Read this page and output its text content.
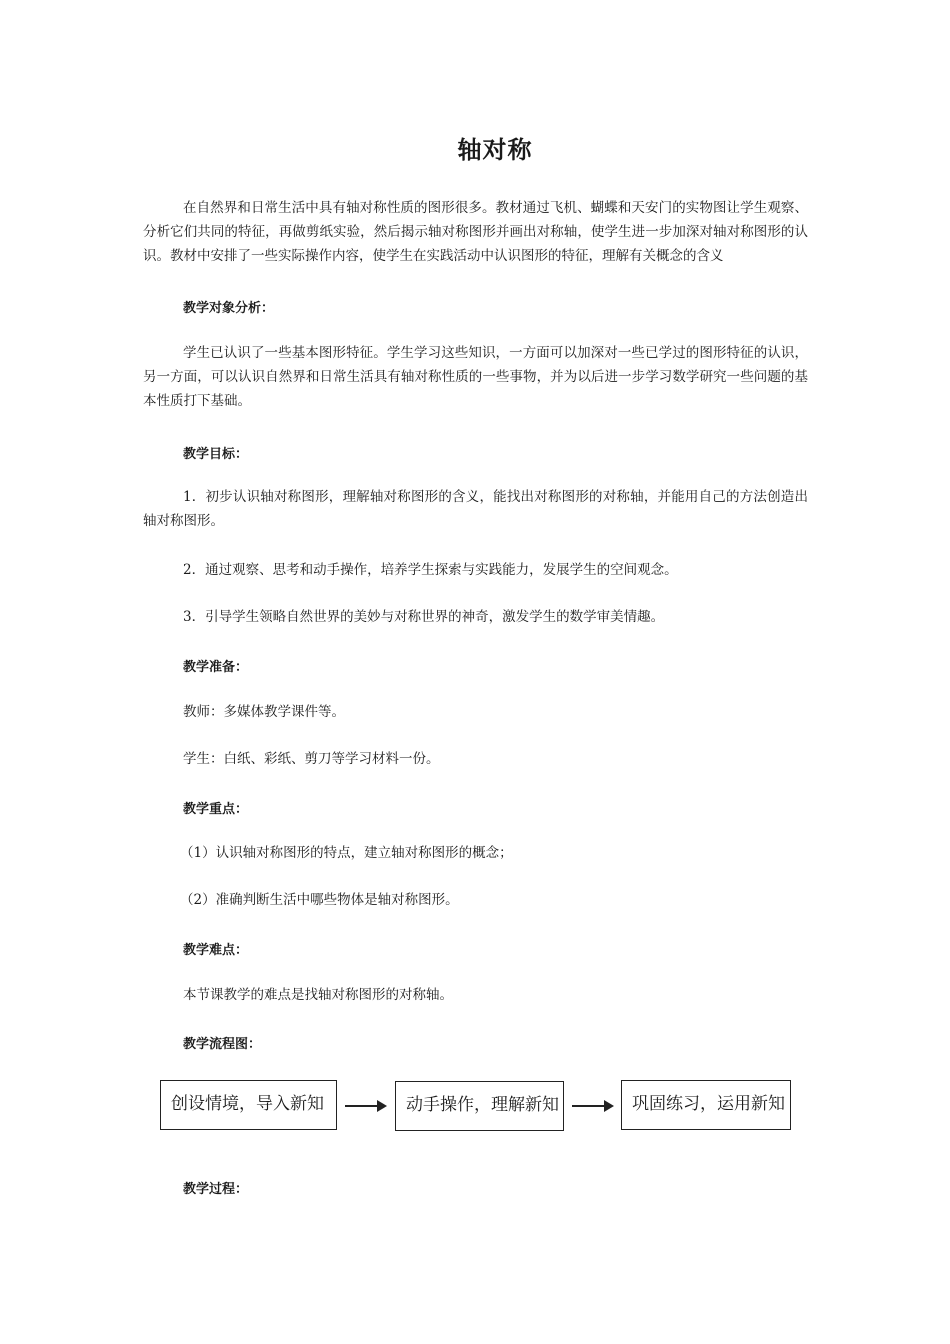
轴对称
在自然界和日常生活中具有轴对称性质的图形很多。教材通过飞机、蝴蝶和天安门的实物图让学生观察、分析它们共同的特征，再做剪纸实验，然后揭示轴对称图形并画出对称轴，使学生进一步加深对轴对称图形的认识。教材中安排了一些实际操作内容，使学生在实践活动中认识图形的特征，理解有关概念的含义
教学对象分析：
学生已认识了一些基本图形特征。学生学习这些知识，一方面可以加深对一些已学过的图形特征的认识，另一方面，可以认识自然界和日常生活具有轴对称性质的一些事物，并为以后进一步学习数学研究一些问题的基本性质打下基础。
教学目标：
1．初步认识轴对称图形，理解轴对称图形的含义，能找出对称图形的对称轴，并能用自己的方法创造出轴对称图形。
2．通过观察、思考和动手操作，培养学生探索与实践能力，发展学生的空间观念。
3．引导学生领略自然世界的美妙与对称世界的神奇，激发学生的数学审美情趣。
教学准备：
教师：多媒体教学课件等。
学生：白纸、彩纸、剪刀等学习材料一份。
教学重点：
（1）认识轴对称图形的特点，建立轴对称图形的概念；
（2）准确判断生活中哪些物体是轴对称图形。
教学难点：
本节课教学的难点是找轴对称图形的对称轴。
教学流程图：
创设情境，导入新知	动手操作，理解新知	巩固练习，运用新知
教学过程：
